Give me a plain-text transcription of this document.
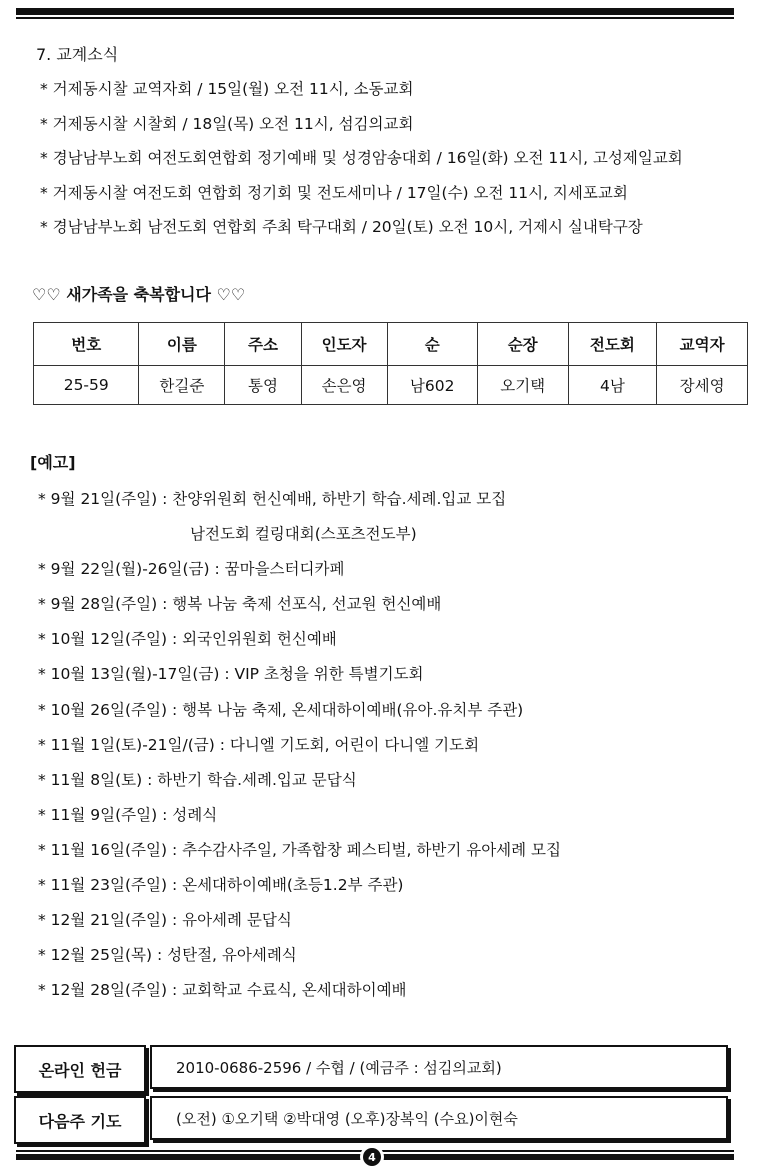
7. 교계소식
* 거제동시찰 교역자회 / 15일(월) 오전 11시, 소동교회
* 거제동시찰 시찰회 / 18일(목) 오전 11시, 섬김의교회
* 경남남부노회 여전도회연합회 정기예배 및 성경암송대회 / 16일(화) 오전 11시, 고성제일교회
* 거제동시찰 여전도회 연합회 정기회 및 전도세미나 / 17일(수) 오전 11시, 지세포교회
* 경남남부노회 남전도회 연합회 주최 탁구대회 / 20일(토) 오전 10시, 거제시 실내탁구장
♡♡ 새가족을 축복합니다 ♡♡
번호	이름	주소	인도자	순	순장	전도회	교역자
25-59	한길준	통영	손은영	남602	오기택	4남	장세영
[예고]
* 9월 21일(주일) : 찬양위원회 헌신예배, 하반기 학습.세례.입교 모집
남전도회 컬링대회(스포츠전도부)
* 9월 22일(월)-26일(금) : 꿈마을스터디카페
* 9월 28일(주일) : 행복 나눔 축제 선포식, 선교원 헌신예배
* 10월 12일(주일) : 외국인위원회 헌신예배
* 10월 13일(월)-17일(금) : VIP 초청을 위한 특별기도회
* 10월 26일(주일) : 행복 나눔 축제, 온세대하이예배(유아.유치부 주관)
* 11월 1일(토)-21일/(금) : 다니엘 기도회, 어린이 다니엘 기도회
* 11월 8일(토) : 하반기 학습.세례.입교 문답식
* 11월 9일(주일) : 성례식
* 11월 16일(주일) : 추수감사주일, 가족합창 페스티벌, 하반기 유아세례 모집
* 11월 23일(주일) : 온세대하이예배(초등1.2부 주관)
* 12월 21일(주일) : 유아세례 문답식
* 12월 25일(목) : 성탄절, 유아세례식
* 12월 28일(주일) : 교회학교 수료식, 온세대하이예배
온라인 헌금	2010-0686-2596 / 수협 / (예금주 : 섬김의교회)
다음주 기도	(오전) ①오기택 ②박대영 (오후)장복익 (수요)이현숙
4
